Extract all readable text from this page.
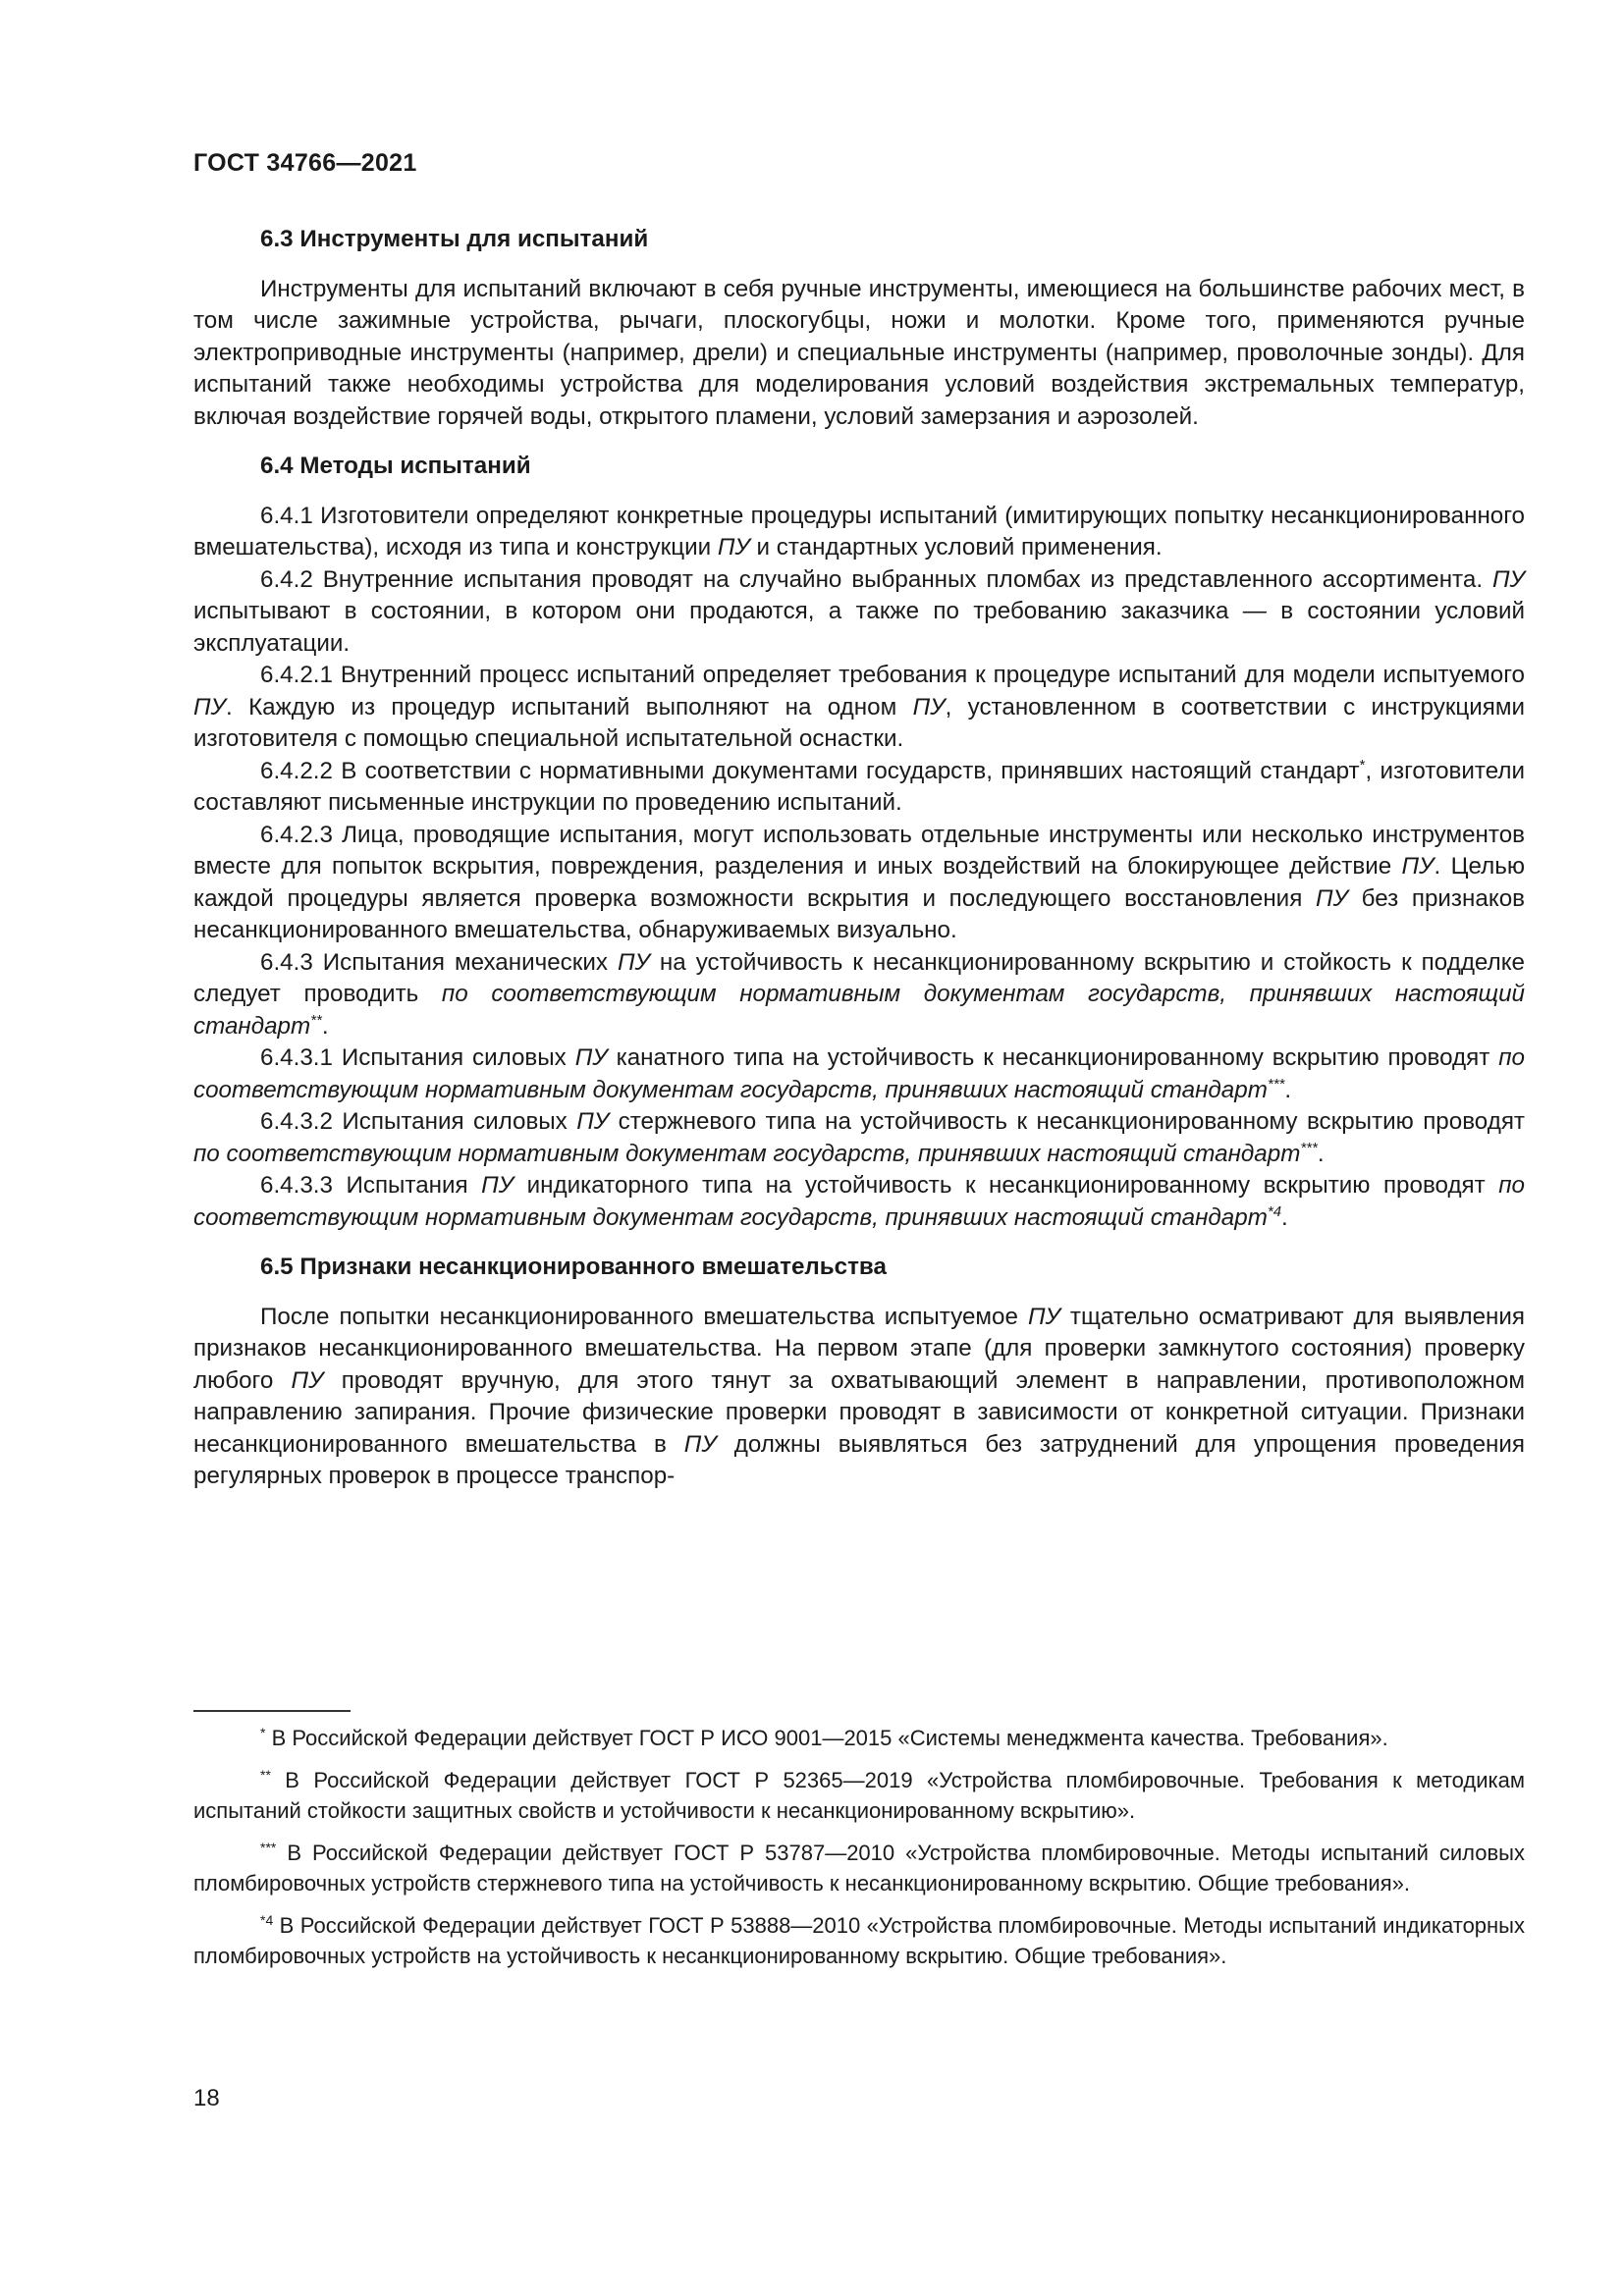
ГОСТ 34766—2021

6.3 Инструменты для испытаний

Инструменты для испытаний включают в себя ручные инструменты, имеющиеся на большинстве рабочих мест, в том числе зажимные устройства, рычаги, плоскогубцы, ножи и молотки. Кроме того, применяются ручные электроприводные инструменты (например, дрели) и специальные инструменты (например, проволочные зонды). Для испытаний также необходимы устройства для моделирования условий воздействия экстремальных температур, включая воздействие горячей воды, открытого пламени, условий замерзания и аэрозолей.

6.4 Методы испытаний

6.4.1 Изготовители определяют конкретные процедуры испытаний (имитирующих попытку несанкционированного вмешательства), исходя из типа и конструкции ПУ и стандартных условий применения.

6.4.2 Внутренние испытания проводят на случайно выбранных пломбах из представленного ассортимента. ПУ испытывают в состоянии, в котором они продаются, а также по требованию заказчика — в состоянии условий эксплуатации.

6.4.2.1 Внутренний процесс испытаний определяет требования к процедуре испытаний для модели испытуемого ПУ. Каждую из процедур испытаний выполняют на одном ПУ, установленном в соответствии с инструкциями изготовителя с помощью специальной испытательной оснастки.

6.4.2.2 В соответствии с нормативными документами государств, принявших настоящий стандарт*, изготовители составляют письменные инструкции по проведению испытаний.

6.4.2.3 Лица, проводящие испытания, могут использовать отдельные инструменты или несколько инструментов вместе для попыток вскрытия, повреждения, разделения и иных воздействий на блокирующее действие ПУ. Целью каждой процедуры является проверка возможности вскрытия и последующего восстановления ПУ без признаков несанкционированного вмешательства, обнаруживаемых визуально.

6.4.3 Испытания механических ПУ на устойчивость к несанкционированному вскрытию и стойкость к подделке следует проводить по соответствующим нормативным документам государств, принявших настоящий стандарт**.

6.4.3.1 Испытания силовых ПУ канатного типа на устойчивость к несанкционированному вскрытию проводят по соответствующим нормативным документам государств, принявших настоящий стандарт***.

6.4.3.2 Испытания силовых ПУ стержневого типа на устойчивость к несанкционированному вскрытию проводят по соответствующим нормативным документам государств, принявших настоящий стандарт***.

6.4.3.3 Испытания ПУ индикаторного типа на устойчивость к несанкционированному вскрытию проводят по соответствующим нормативным документам государств, принявших настоящий стандарт$^{*4}$.

6.5 Признаки несанкционированного вмешательства

После попытки несанкционированного вмешательства испытуемое ПУ тщательно осматривают для выявления признаков несанкционированного вмешательства. На первом этапе (для проверки замкнутого состояния) проверку любого ПУ проводят вручную, для этого тянут за охватывающий элемент в направлении, противоположном направлению запирания. Прочие физические проверки проводят в зависимости от конкретной ситуации. Признаки несанкционированного вмешательства в ПУ должны выявляться без затруднений для упрощения проведения регулярных проверок в процессе транспор-

* В Российской Федерации действует ГОСТ Р ИСО 9001—2015 «Системы менеджмента качества. Требования».

** В Российской Федерации действует ГОСТ Р 52365—2019 «Устройства пломбировочные. Требования к методикам испытаний стойкости защитных свойств и устойчивости к несанкционированному вскрытию».

*** В Российской Федерации действует ГОСТ Р 53787—2010 «Устройства пломбировочные. Методы испытаний силовых пломбировочных устройств стержневого типа на устойчивость к несанкционированному вскрытию. Общие требования».

$^{*4}$ В Российской Федерации действует ГОСТ Р 53888—2010 «Устройства пломбировочные. Методы испытаний индикаторных пломбировочных устройств на устойчивость к несанкционированному вскрытию. Общие требования».

18
